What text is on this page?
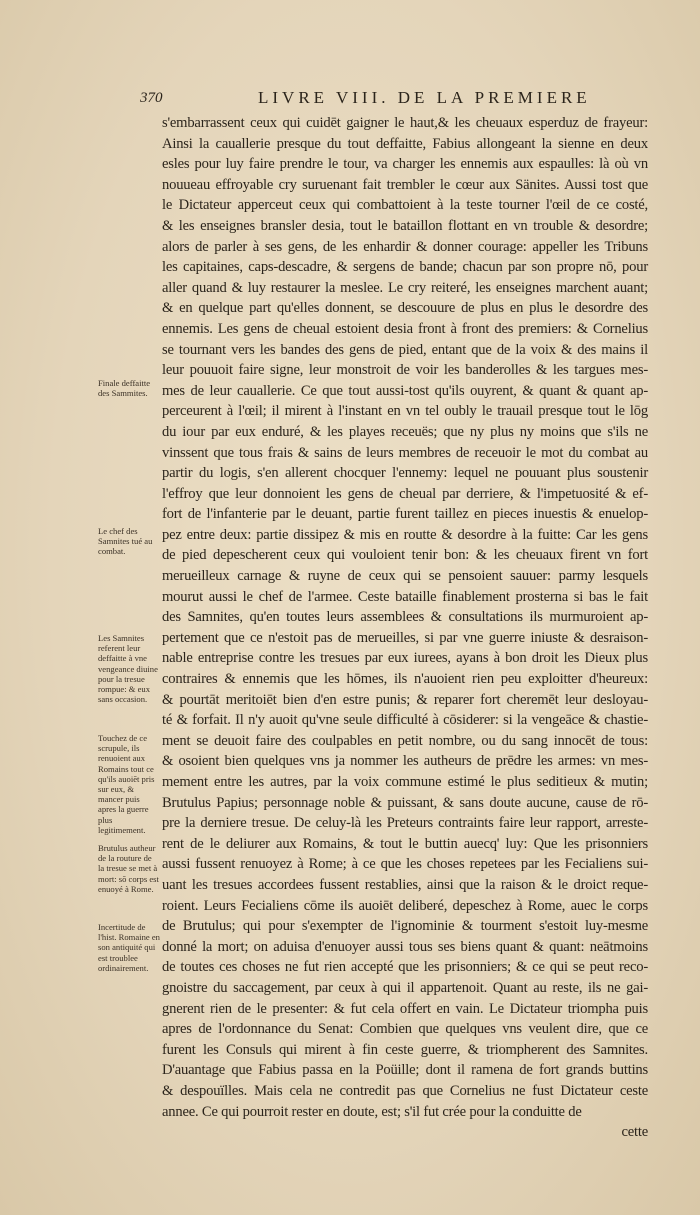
370	LIVRE VIII. DE LA PREMIERE
s'embarrassent ceux qui cuidēt gaigner le haut,& les cheuaux esperduz de frayeur:
Ainsi la cauallerie presque du tout deffaitte, Fabius allongeant la sienne en deux
esles pour luy faire prendre le tour, va charger les ennemis aux espaulles: là où vn
nouueau effroyable cry suruenant fait trembler le cœur aux Sänites. Aussi tost que
le Dictateur apperceut ceux qui combattoient à la teste tourner l'œil de ce costé,
& les enseignes bransler desia, tout le bataillon flottant en vn trouble & desordre;
alors de parler à ses gens, de les enhardir & donner courage: appeller les Tribuns
les capitaines, caps-descadre, & sergens de bande; chacun par son propre nō, pour
aller quand & luy restaurer la meslee. Le cry reiteré, les enseignes marchent auant;
& en quelque part qu'elles donnent, se descouure de plus en plus le desordre des
ennemis. Les gens de cheual estoient desia front à front des premiers: & Cornelius
se tournant vers les bandes des gens de pied, entant que de la voix & des mains il
leur pouuoit faire signe, leur monstroit de voir les banderolles & les targues mes-
mes de leur cauallerie. Ce que tout aussi-tost qu'ils ouyrent, & quant & quant ap-
perceurent à l'œil; il mirent à l'instant en vn tel oubly le trauail presque tout le lōg
du iour par eux enduré, & les playes receuës; que ny plus ny moins que s'ils ne
vinssent que tous frais & sains de leurs membres de receuoir le mot du combat au
partir du logis, s'en allerent chocquer l'ennemy: lequel ne pouuant plus soustenir
l'effroy que leur donnoient les gens de cheual par derriere, & l'impetuosité & ef-
fort de l'infanterie par le deuant, partie furent taillez en pieces inuestis & enuelop-
pez entre deux: partie dissipez & mis en routte & desordre à la fuitte: Car les gens
de pied depescherent ceux qui vouloient tenir bon: & les cheuaux firent vn fort
merueilleux carnage & ruyne de ceux qui se pensoient sauuer: parmy lesquels
mourut aussi le chef de l'armee. Ceste bataille finablement prosterna si bas le fait
des Samnites, qu'en toutes leurs assemblees & consultations ils murmuroient ap-
pertement que ce n'estoit pas de merueilles, si par vne guerre iniuste & desraison-
nable entreprise contre les tresues par eux iurees, ayans à bon droit les Dieux plus
contraires & ennemis que les hōmes, ils n'auoient rien peu exploitter d'heureux:
& pourtāt meritoiēt bien d'en estre punis; & reparer fort cheremēt leur desloyau-
té & forfait. Il n'y auoit qu'vne seule difficulté à cōsiderer: si la vengeāce & chastie-
ment se deuoit faire des coulpables en petit nombre, ou du sang innocēt de tous:
& osoient bien quelques vns ja nommer les autheurs de prēdre les armes: vn mes-
mement entre les autres, par la voix commune estimé le plus seditieux & mutin;
Brutulus Papius; personnage noble & puissant, & sans doute aucune, cause de rō-
pre la derniere tresue. De celuy-là les Preteurs contraints faire leur rapport, arreste-
rent de le deliurer aux Romains, & tout le buttin auecq' luy: Que les prisonniers
aussi fussent renuoyez à Rome; à ce que les choses repetees par les Fecialiens sui-
uant les tresues accordees fussent restablies, ainsi que la raison & le droict reque-
roient. Leurs Fecialiens cōme ils auoiēt deliberé, depeschez à Rome, auec le corps
de Brutulus; qui pour s'exempter de l'ignominie & tourment s'estoit luy-mesme
donné la mort; on aduisa d'enuoyer aussi tous ses biens quant & quant: neātmoins
de toutes ces choses ne fut rien accepté que les prisonniers; & ce qui se peut reco-
gnoistre du saccagement, par ceux à qui il appartenoit. Quant au reste, ils ne gai-
gnerent rien de le presenter: & fut cela offert en vain. Le Dictateur triompha puis
apres de l'ordonnance du Senat: Combien que quelques vns veulent dire, que ce
furent les Consuls qui mirent à fin ceste guerre, & triompherent des Samnites.
D'auantage que Fabius passa en la Poüille; dont il ramena de fort grands buttins
& despouïlles. Mais cela ne contredit pas que Cornelius ne fust Dictateur ceste
annee. Ce qui pourroit rester en doute, est; s'il fut crée pour la conduitte de
cette
Finale deffaitte des Sammites.
Le chef des Samnites tué au combat.
Les Samnites referent leur deffaitte à vne vengeance diuine pour la tresue rompue: & eux sans occasion.
Touchez de ce scrupule, ils renuoient aux Romains tout ce qu'ils auoiēt pris sur eux, & mancer puis apres la guerre plus legitimement.
Brutulus autheur de la routure de la tresue se met à mort: sō corps est enuoyé à Rome.
Incertitude de l'hist. Romaine en son antiquité qui est troublee ordinairement.
